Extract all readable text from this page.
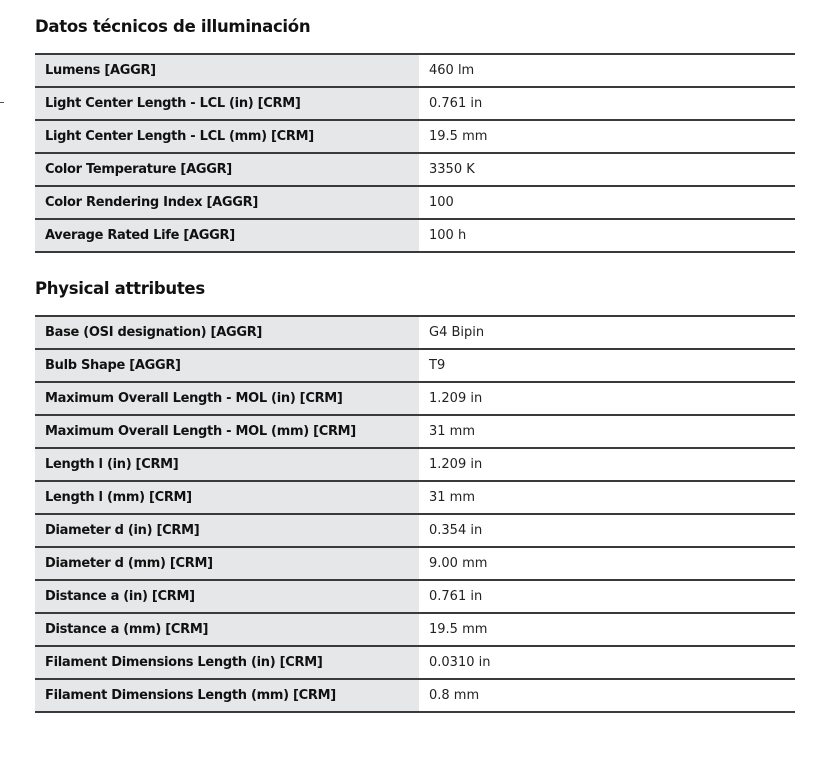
Datos técnicos de illuminación
Lumens [AGGR]	460 lm
Light Center Length - LCL (in) [CRM]	0.761 in
Light Center Length - LCL (mm) [CRM]	19.5 mm
Color Temperature [AGGR]	3350 K
Color Rendering Index [AGGR]	100
Average Rated Life [AGGR]	100 h
Physical attributes
Base (OSI designation) [AGGR]	G4 Bipin
Bulb Shape [AGGR]	T9
Maximum Overall Length - MOL (in) [CRM]	1.209 in
Maximum Overall Length - MOL (mm) [CRM]	31 mm
Length l (in) [CRM]	1.209 in
Length l (mm) [CRM]	31 mm
Diameter d (in) [CRM]	0.354 in
Diameter d (mm) [CRM]	9.00 mm
Distance a (in) [CRM]	0.761 in
Distance a (mm) [CRM]	19.5 mm
Filament Dimensions Length (in) [CRM]	0.0310 in
Filament Dimensions Length (mm) [CRM]	0.8 mm
